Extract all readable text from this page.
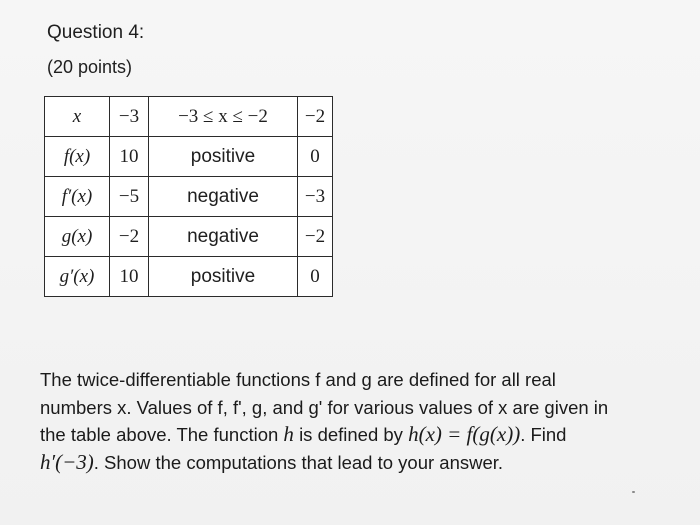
Question 4:
(20 points)
x	−3	−3 ≤ x ≤ −2	−2
f(x)	10	positive	0
f′(x)	−5	negative	−3
g(x)	−2	negative	−2
g′(x)	10	positive	0
The twice-differentiable functions f and g are defined for all real
numbers x. Values of f, f', g, and g' for various values of x are given in
the table above. The function h is defined by h(x) = f(g(x)). Find
h′(−3). Show the computations that lead to your answer.
